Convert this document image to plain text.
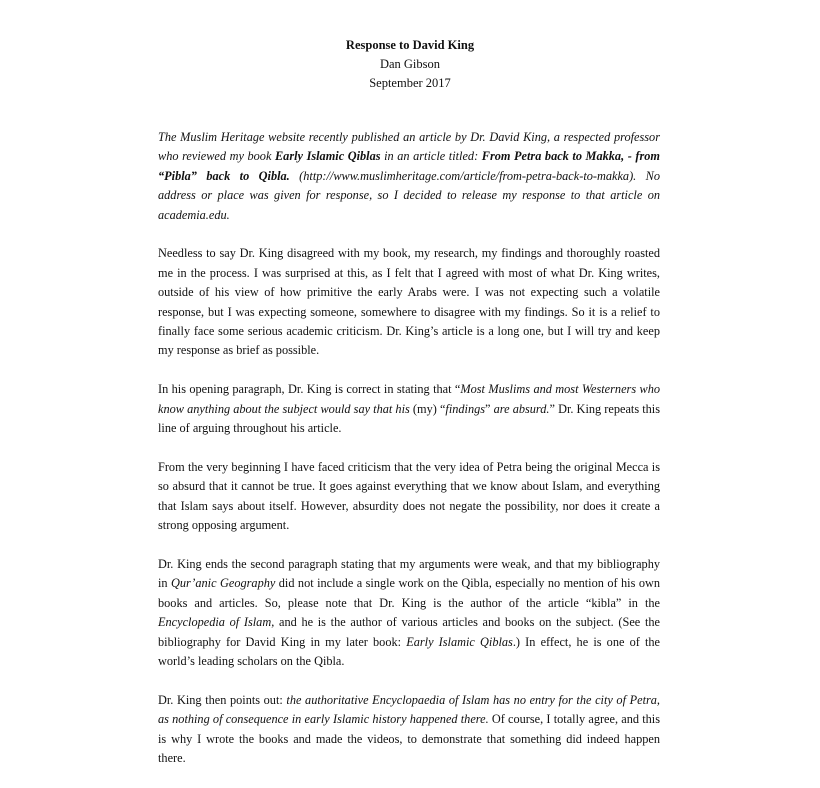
Response to David King
Dan Gibson
September 2017

The Muslim Heritage website recently published an article by Dr. David King, a respected professor who reviewed my book Early Islamic Qiblas in an article titled: From Petra back to Makka, - from “Pibla” back to Qibla. (http://www.muslimheritage.com/article/from-petra-back-to-makka). No address or place was given for response, so I decided to release my response to that article on academia.edu.

Needless to say Dr. King disagreed with my book, my research, my findings and thoroughly roasted me in the process. I was surprised at this, as I felt that I agreed with most of what Dr. King writes, outside of his view of how primitive the early Arabs were. I was not expecting such a volatile response, but I was expecting someone, somewhere to disagree with my findings. So it is a relief to finally face some serious academic criticism. Dr. King’s article is a long one, but I will try and keep my response as brief as possible.

In his opening paragraph, Dr. King is correct in stating that “Most Muslims and most Westerners who know anything about the subject would say that his (my) “findings” are absurd.” Dr. King repeats this line of arguing throughout his article.

From the very beginning I have faced criticism that the very idea of Petra being the original Mecca is so absurd that it cannot be true. It goes against everything that we know about Islam, and everything that Islam says about itself. However, absurdity does not negate the possibility, nor does it create a strong opposing argument.

Dr. King ends the second paragraph stating that my arguments were weak, and that my bibliography in Qur’anic Geography did not include a single work on the Qibla, especially no mention of his own books and articles. So, please note that Dr. King is the author of the article “kibla” in the Encyclopedia of Islam, and he is the author of various articles and books on the subject. (See the bibliography for David King in my later book: Early Islamic Qiblas.) In effect, he is one of the world’s leading scholars on the Qibla.

Dr. King then points out: the authoritative Encyclopaedia of Islam has no entry for the city of Petra, as nothing of consequence in early Islamic history happened there. Of course, I totally agree, and this is why I wrote the books and made the videos, to demonstrate that something did indeed happen there.
